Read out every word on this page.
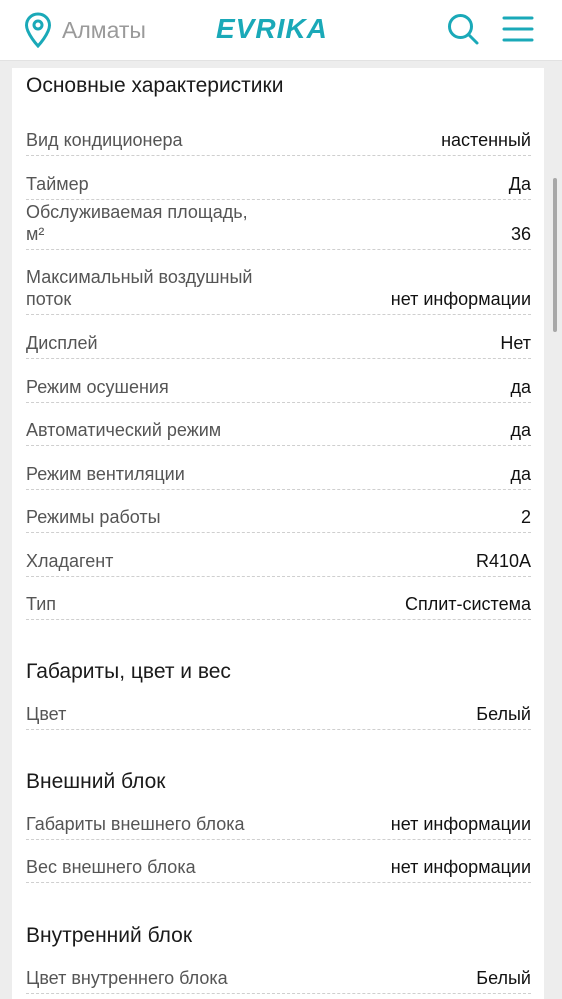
Алматы	EVRIKA
Основные характеристики
Вид кондиционера	настенный
Таймер	Да
Обслуживаемая площадь,
м²	36
Максимальный воздушный
поток	нет информации
Дисплей	Нет
Режим осушения	да
Автоматический режим	да
Режим вентиляции	да
Режимы работы	2
Хладагент	R410A
Тип	Сплит-система
Габариты, цвет и вес
Цвет	Белый
Внешний блок
Габариты внешнего блока	нет информации
Вес внешнего блока	нет информации
Внутренний блок
Цвет внутреннего блока	Белый
